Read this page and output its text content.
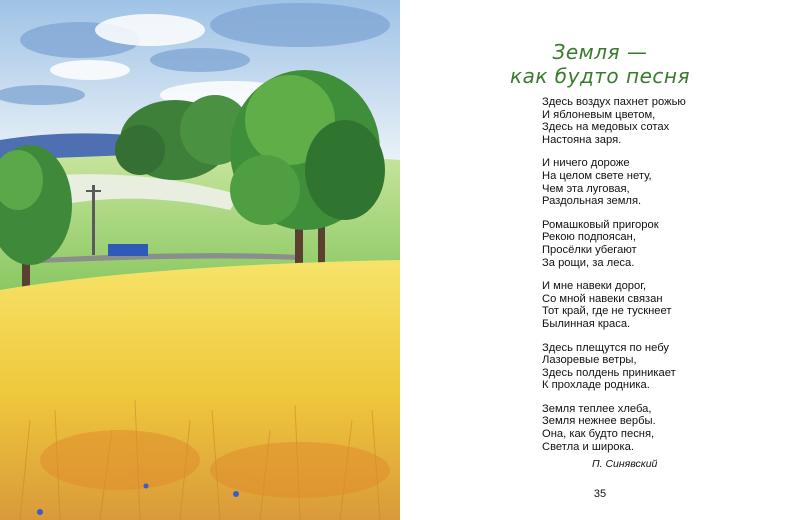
Земля —
как будто песня
Здесь воздух пахнет рожью
И яблоневым цветом,
Здесь на медовых сотах
Настояна заря.
И ничего дороже
На целом свете нету,
Чем эта луговая,
Раздольная земля.
Ромашковый пригорок
Рекою подпоясан,
Просёлки убегают
За рощи, за леса.
И мне навеки дорог,
Со мной навеки связан
Тот край, где не тускнеет
Былинная краса.
Здесь плещутся по небу
Лазоревые ветры,
Здесь полдень приникает
К прохладе родника.
Земля теплее хлеба,
Земля нежнее вербы.
Она, как будто песня,
Светла и широка.
П. Синявский
35
